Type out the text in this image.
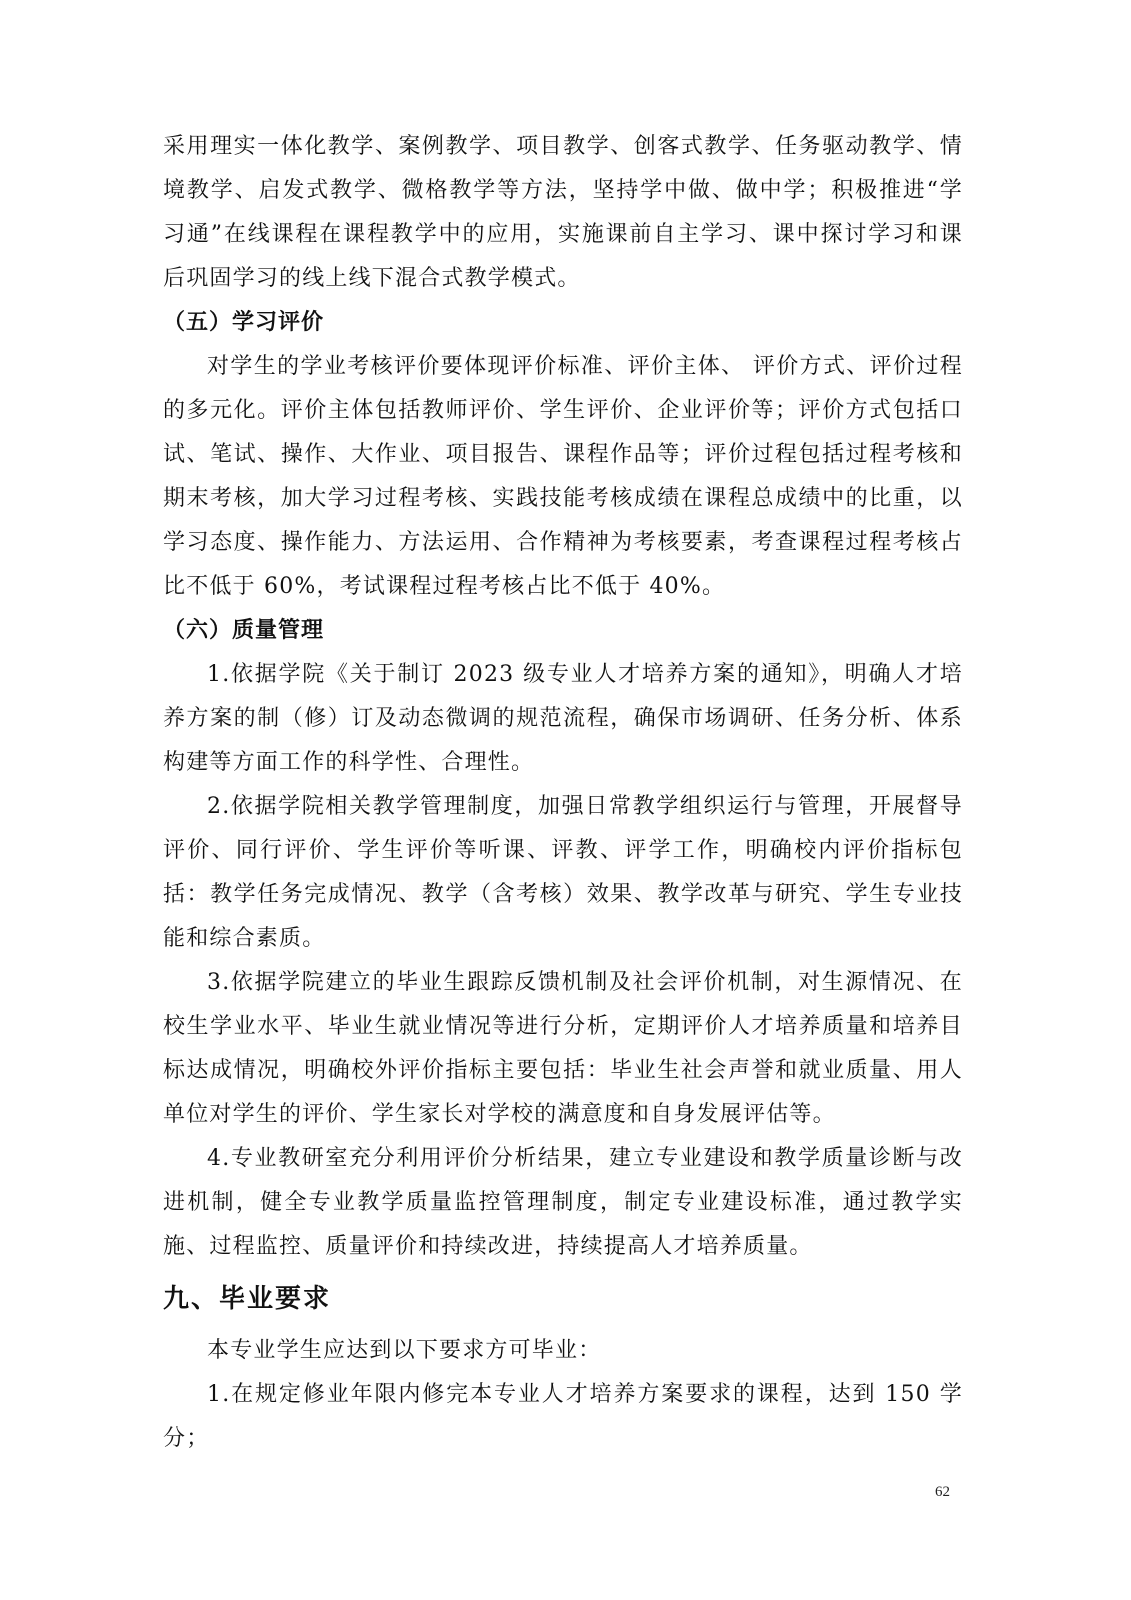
采用理实一体化教学、案例教学、项目教学、创客式教学、任务驱动教学、情境教学、启发式教学、微格教学等方法，坚持学中做、做中学；积极推进“学习通”在线课程在课程教学中的应用，实施课前自主学习、课中探讨学习和课后巩固学习的线上线下混合式教学模式。

（五）学习评价

对学生的学业考核评价要体现评价标准、评价主体、 评价方式、评价过程的多元化。评价主体包括教师评价、学生评价、企业评价等；评价方式包括口试、笔试、操作、大作业、项目报告、课程作品等；评价过程包括过程考核和期末考核，加大学习过程考核、实践技能考核成绩在课程总成绩中的比重，以学习态度、操作能力、方法运用、合作精神为考核要素，考查课程过程考核占比不低于 60%，考试课程过程考核占比不低于 40%。

（六）质量管理

1.依据学院《关于制订 2023 级专业人才培养方案的通知》，明确人才培养方案的制（修）订及动态微调的规范流程，确保市场调研、任务分析、体系构建等方面工作的科学性、合理性。

2.依据学院相关教学管理制度，加强日常教学组织运行与管理，开展督导评价、同行评价、学生评价等听课、评教、评学工作，明确校内评价指标包括：教学任务完成情况、教学（含考核）效果、教学改革与研究、学生专业技能和综合素质。

3.依据学院建立的毕业生跟踪反馈机制及社会评价机制，对生源情况、在校生学业水平、毕业生就业情况等进行分析，定期评价人才培养质量和培养目标达成情况，明确校外评价指标主要包括：毕业生社会声誉和就业质量、用人单位对学生的评价、学生家长对学校的满意度和自身发展评估等。

4.专业教研室充分利用评价分析结果，建立专业建设和教学质量诊断与改进机制，健全专业教学质量监控管理制度，制定专业建设标准，通过教学实施、过程监控、质量评价和持续改进，持续提高人才培养质量。

九、毕业要求

本专业学生应达到以下要求方可毕业：

1.在规定修业年限内修完本专业人才培养方案要求的课程，达到 150 学分；

62
